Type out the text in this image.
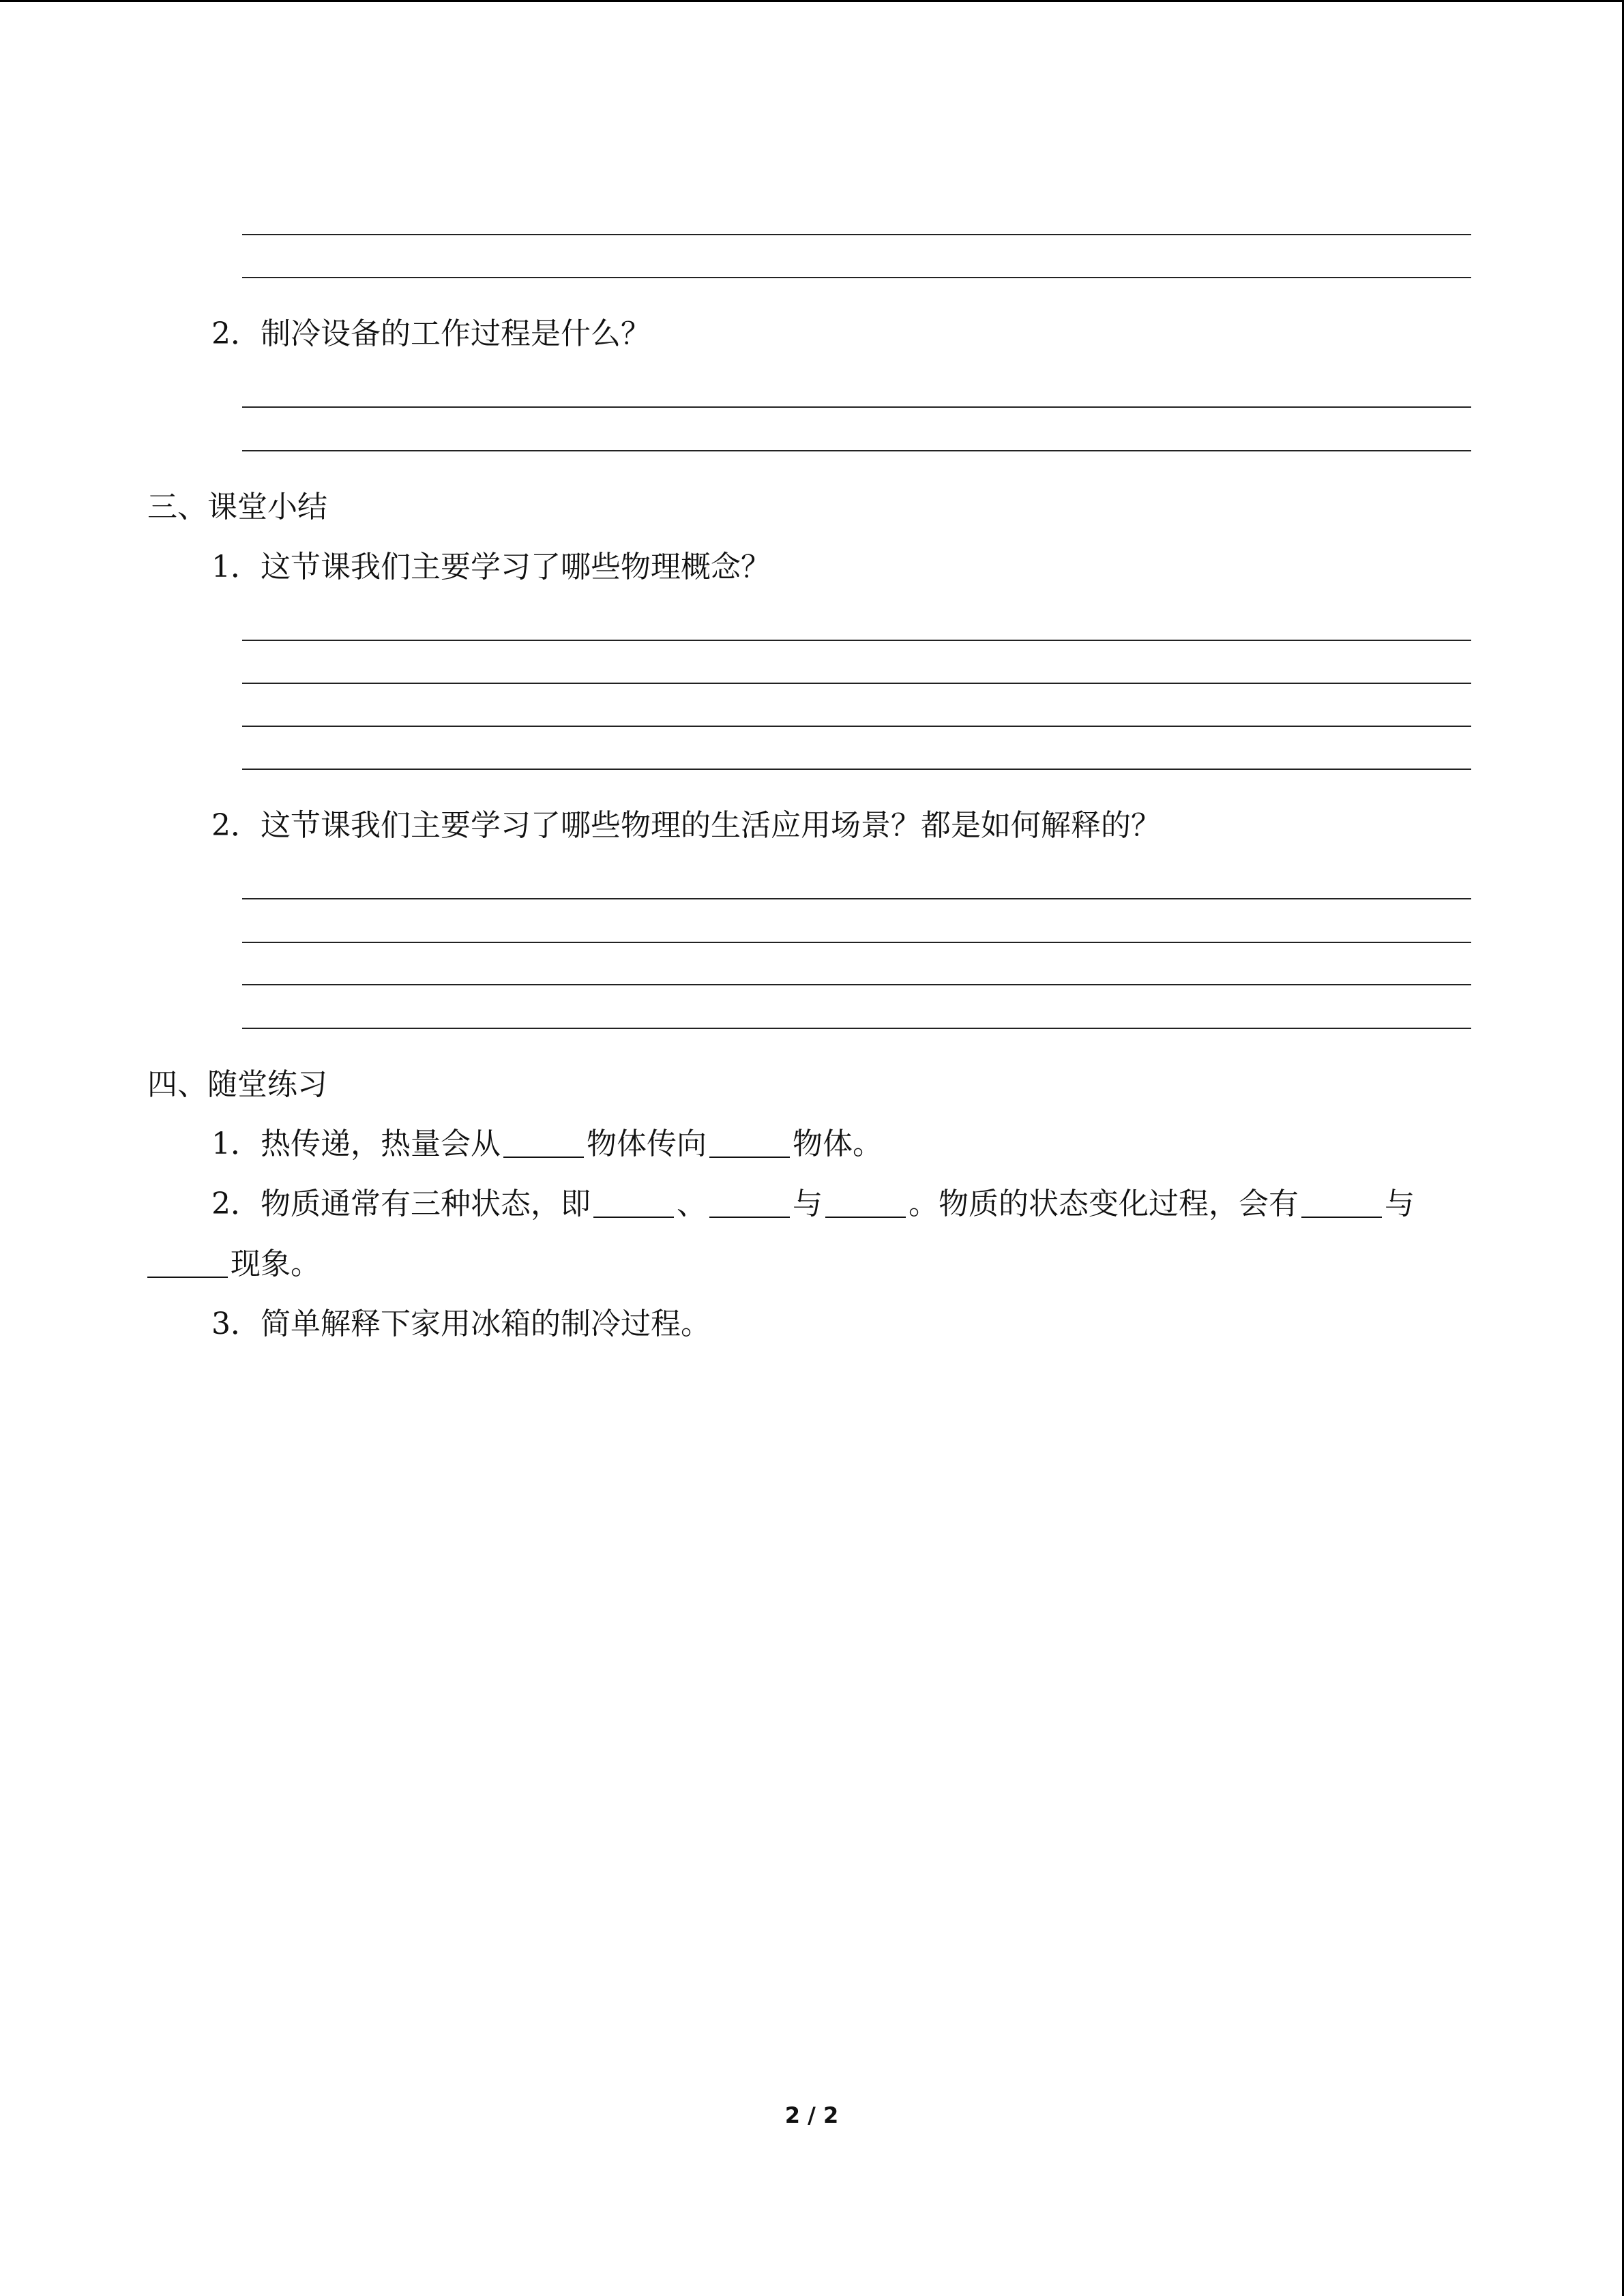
2．制冷设备的工作过程是什么？
三、课堂小结
1．这节课我们主要学习了哪些物理概念？
2．这节课我们主要学习了哪些物理的生活应用场景？都是如何解释的？
四、随堂练习
1．热传递，热量会从	物体传向	物体。
2．物质通常有三种状态，即	、	与	。物质的状态变化过程，会有	与
现象。
3．简单解释下家用冰箱的制冷过程。
2 / 2
